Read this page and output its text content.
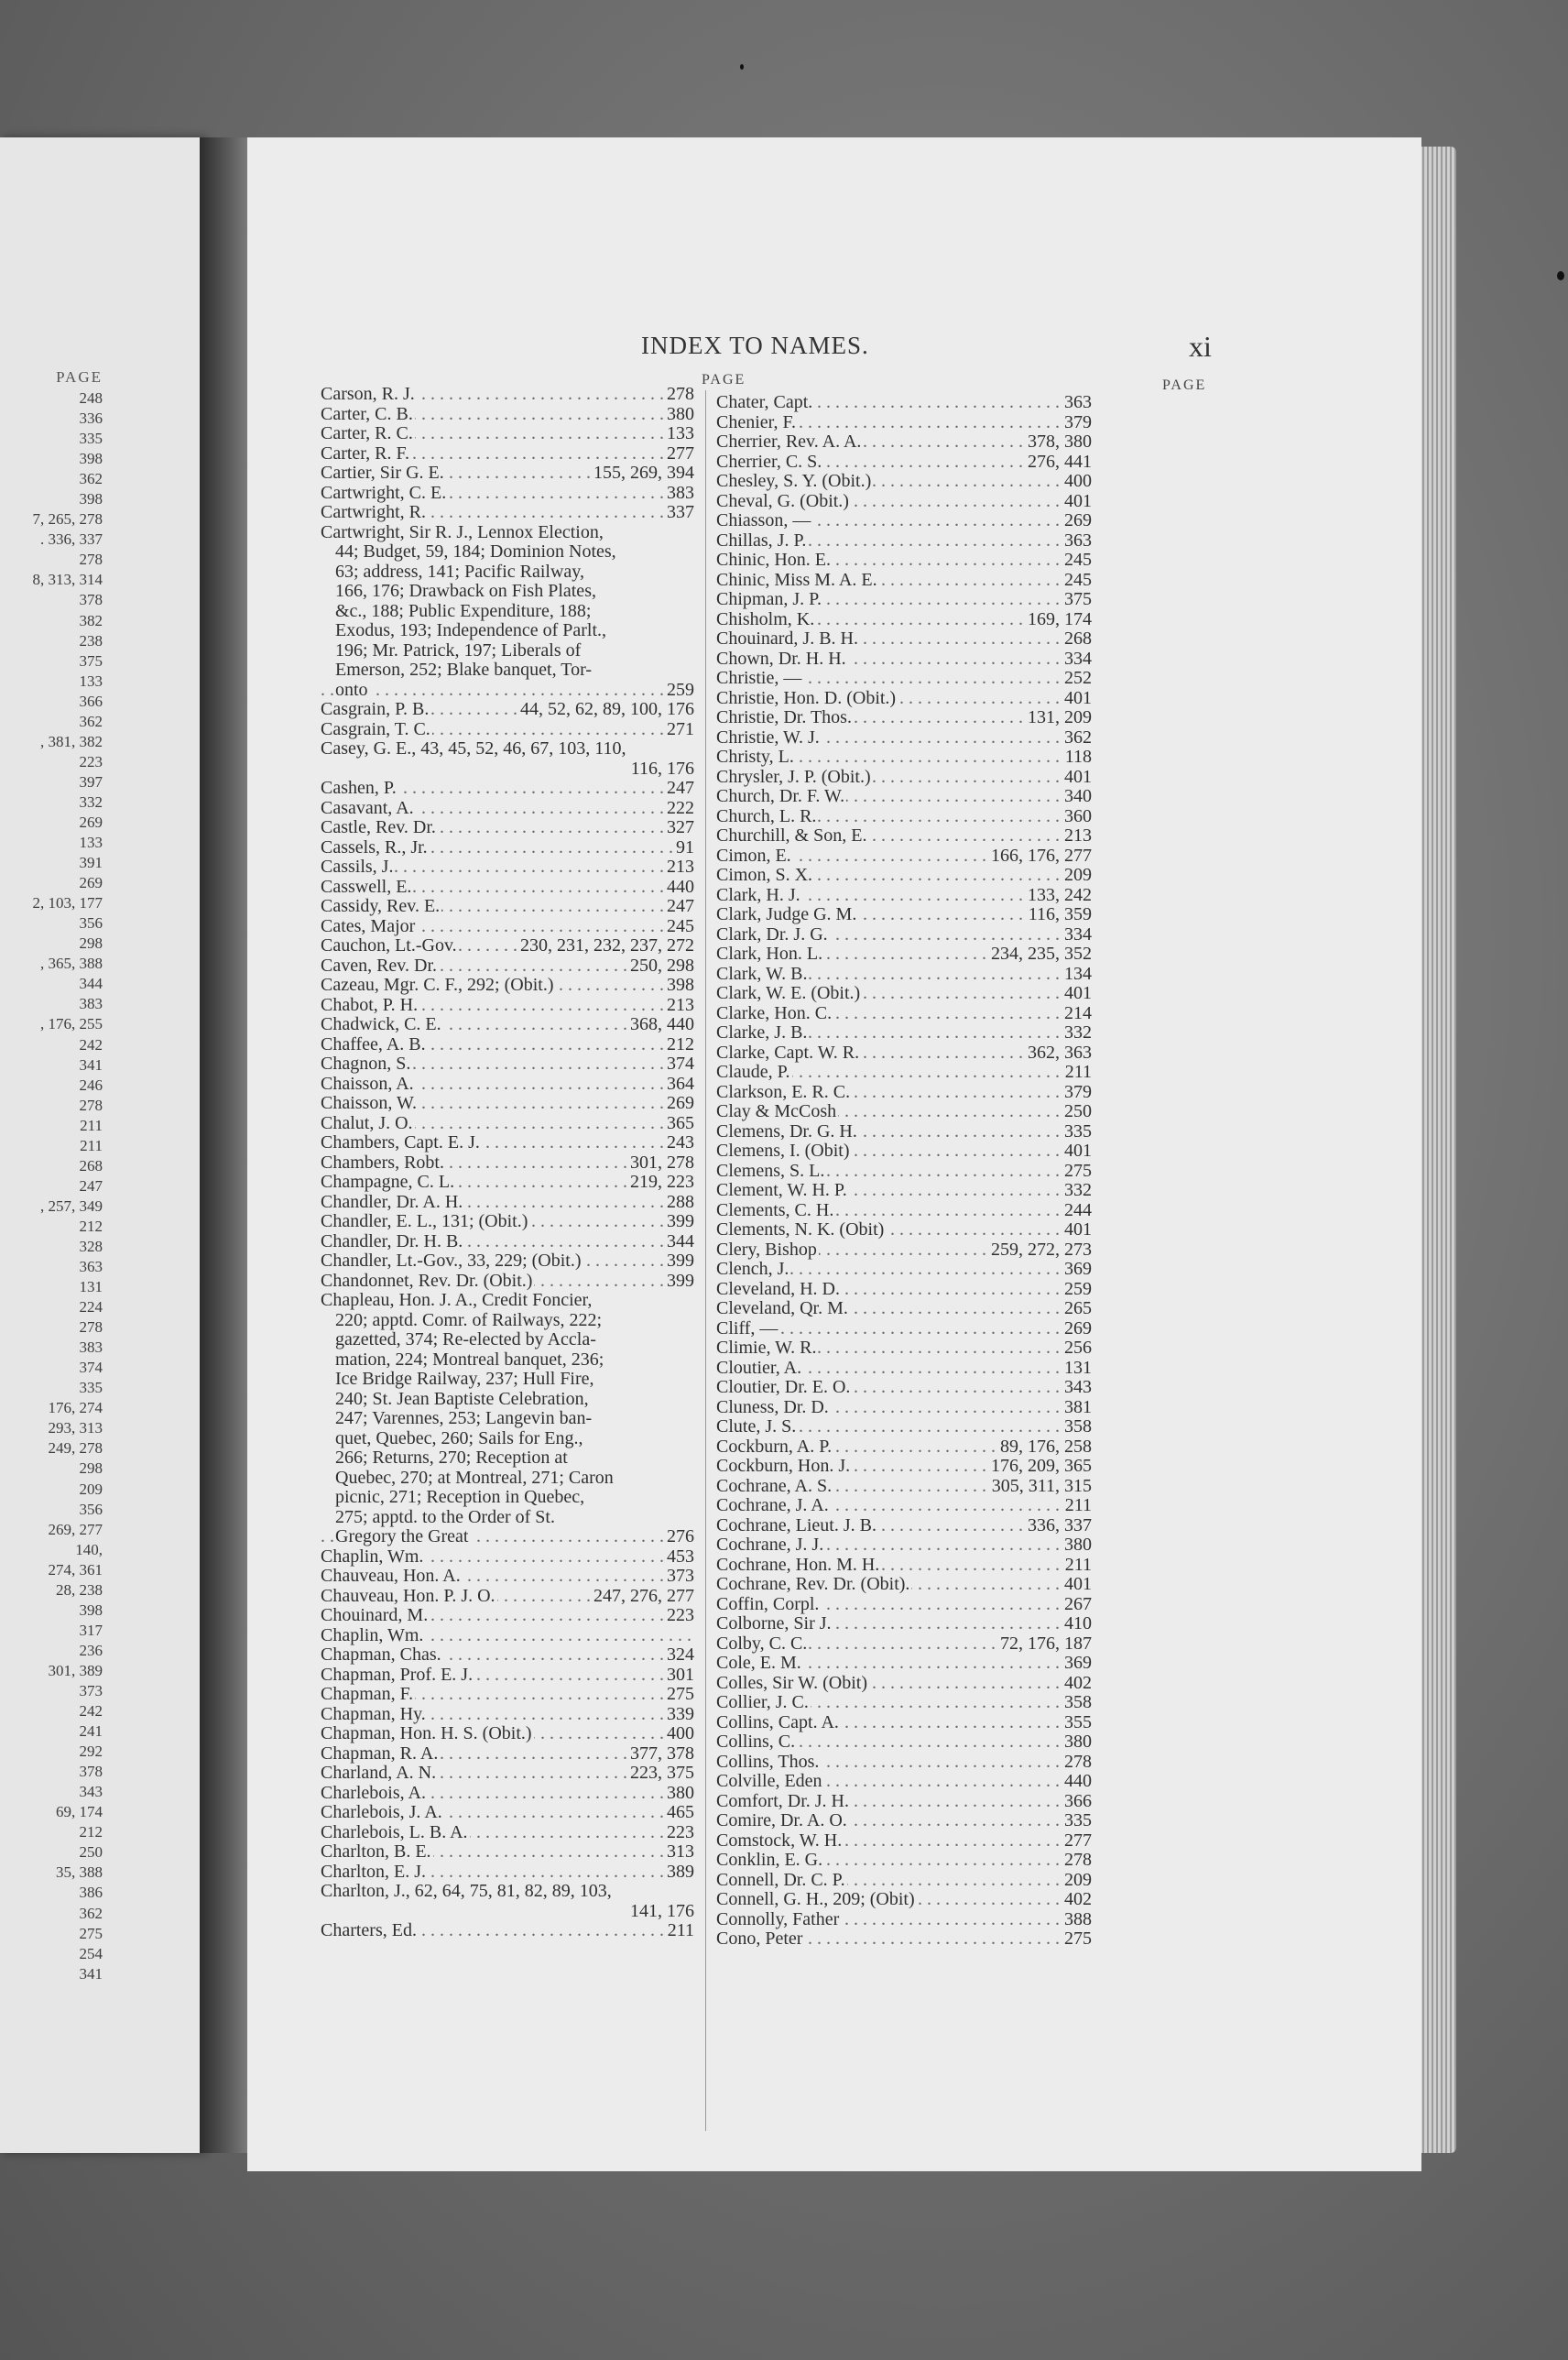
PAGE
248
336
335
398
362
398
7, 265, 278
. 336, 337
278
8, 313, 314
378
382
238
375
133
366
362
, 381, 382
223
397
332
269
133
391
269
2, 103, 177
356
298
, 365, 388
344
383
, 176, 255
242
341
246
278
211
211
268
247
, 257, 349
212
328
363
131
224
278
383
374
335
176, 274
293, 313
249, 278
298
209
356
269, 277
140,
274, 361
28, 238
398
317
236
301, 389
373
242
241
292
378
343
69, 174
212
250
35, 388
386
362
275
254
341
INDEX TO NAMES.	xi
PAGE
. . . Carson, R. J.	278
. . . Carter, C. B.	380
. . . Carter, R. C.	133
. . . Carter, R. F.	277
. . . Cartier, Sir G. E.	155, 269, 394
. . . Cartwright, C. E.	383
. . . Cartwright, R.	337
Cartwright, Sir R. J., Lennox Election,
44; Budget, 59, 184; Dominion Notes,
63; address, 141; Pacific Railway,
166, 176; Drawback on Fish Plates,
&c., 188; Public Expenditure, 188;
Exodus, 193; Independence of Parlt.,
196; Mr. Patrick, 197; Liberals of
Emerson, 252; Blake banquet, Tor-
. . . onto	259
. . . Casgrain, P. B.	44, 52, 62, 89, 100, 176
. . . Casgrain, T. C.	271
Casey, G. E., 43, 45, 52, 46, 67, 103, 110,
116, 176
. . . Cashen, P.	247
. . . Casavant, A.	222
. . . Castle, Rev. Dr.	327
. . . Cassels, R., Jr.	91
. . . Cassils, J.	213
. . . Casswell, E.	440
. . . Cassidy, Rev. E.	247
. . . Cates, Major	245
. . . Cauchon, Lt.-Gov.	230, 231, 232, 237, 272
. . . Caven, Rev. Dr.	250, 298
. . . Cazeau, Mgr. C. F., 292; (Obit.)	398
. . . Chabot, P. H.	213
. . . Chadwick, C. E.	368, 440
. . . Chaffee, A. B.	212
. . . Chagnon, S.	374
. . . Chaisson, A.	364
. . . Chaisson, W.	269
. . . Chalut, J. O.	365
. . . Chambers, Capt. E. J.	243
. . . Chambers, Robt.	301, 278
. . . Champagne, C. L.	219, 223
. . . Chandler, Dr. A. H.	288
. . . Chandler, E. L., 131; (Obit.)	399
. . . Chandler, Dr. H. B.	344
. . . Chandler, Lt.-Gov., 33, 229; (Obit.)	399
. . . Chandonnet, Rev. Dr. (Obit.)	399
Chapleau, Hon. J. A., Credit Foncier,
220; apptd. Comr. of Railways, 222;
gazetted, 374; Re-elected by Accla-
mation, 224; Montreal banquet, 236;
Ice Bridge Railway, 237; Hull Fire,
240; St. Jean Baptiste Celebration,
247; Varennes, 253; Langevin ban-
quet, Quebec, 260; Sails for Eng.,
266; Returns, 270; Reception at
Quebec, 270; at Montreal, 271; Caron
picnic, 271; Reception in Quebec,
275; apptd. to the Order of St.
. . . Gregory the Great	276
. . . Chaplin, Wm.	453
. . . Chauveau, Hon. A.	373
. . . Chauveau, Hon. P. J. O.	247, 276, 277
. . . Chouinard, M.	223
. . . Chaplin, Wm.
. . . Chapman, Chas.	324
. . . Chapman, Prof. E. J.	301
. . . Chapman, F.	275
. . . Chapman, Hy.	339
. . . Chapman, Hon. H. S. (Obit.)	400
. . . Chapman, R. A.	377, 378
. . . Charland, A. N.	223, 375
. . . Charlebois, A.	380
. . . Charlebois, J. A.	465
. . . Charlebois, L. B. A.	223
. . . Charlton, B. E.	313
. . . Charlton, E. J.	389
Charlton, J., 62, 64, 75, 81, 82, 89, 103,
141, 176
. . . Charters, Ed.	211
PAGE
. . . Chater, Capt.	363
. . . Chenier, F.	379
. . . Cherrier, Rev. A. A.	378, 380
. . . Cherrier, C. S.	276, 441
. . . Chesley, S. Y. (Obit.)	400
. . . Cheval, G. (Obit.)	401
. . . Chiasson, —	269
. . . Chillas, J. P.	363
. . . Chinic, Hon. E.	245
. . . Chinic, Miss M. A. E.	245
. . . Chipman, J. P.	375
. . . Chisholm, K.	169, 174
. . . Chouinard, J. B. H.	268
. . . Chown, Dr. H. H.	334
. . . Christie, —	252
. . . Christie, Hon. D. (Obit.)	401
. . . Christie, Dr. Thos.	131, 209
. . . Christie, W. J.	362
. . . Christy, L.	118
. . . Chrysler, J. P. (Obit.)	401
. . . Church, Dr. F. W.	340
. . . Church, L. R.	360
. . . Churchill, & Son, E.	213
. . . Cimon, E.	166, 176, 277
. . . Cimon, S. X.	209
. . . Clark, H. J.	133, 242
. . . Clark, Judge G. M.	116, 359
. . . Clark, Dr. J. G.	334
. . . Clark, Hon. L.	234, 235, 352
. . . Clark, W. B.	134
. . . Clark, W. E. (Obit.)	401
. . . Clarke, Hon. C.	214
. . . Clarke, J. B.	332
. . . Clarke, Capt. W. R.	362, 363
. . . Claude, P.	211
. . . Clarkson, E. R. C.	379
. . . Clay & McCosh	250
. . . Clemens, Dr. G. H.	335
. . . Clemens, I. (Obit)	401
. . . Clemens, S. L.	275
. . . Clement, W. H. P.	332
. . . Clements, C. H.	244
. . . Clements, N. K. (Obit)	401
. . . Clery, Bishop	259, 272, 273
. . . Clench, J.	369
. . . Cleveland, H. D.	259
. . . Cleveland, Qr. M.	265
. . . Cliff, —	269
. . . Climie, W. R.	256
. . . Cloutier, A.	131
. . . Cloutier, Dr. E. O.	343
. . . Cluness, Dr. D.	381
. . . Clute, J. S.	358
. . . Cockburn, A. P.	89, 176, 258
. . . Cockburn, Hon. J.	176, 209, 365
. . . Cochrane, A. S.	305, 311, 315
. . . Cochrane, J. A.	211
. . . Cochrane, Lieut. J. B.	336, 337
. . . Cochrane, J. J.	380
. . . Cochrane, Hon. M. H.	211
. . . Cochrane, Rev. Dr. (Obit).	401
. . . Coffin, Corpl.	267
. . . Colborne, Sir J.	410
. . . Colby, C. C.	72, 176, 187
. . . Cole, E. M.	369
. . . Colles, Sir W. (Obit)	402
. . . Collier, J. C.	358
. . . Collins, Capt. A.	355
. . . Collins, C.	380
. . . Collins, Thos.	278
. . . Colville, Eden	440
. . . Comfort, Dr. J. H.	366
. . . Comire, Dr. A. O.	335
. . . Comstock, W. H.	277
. . . Conklin, E. G.	278
. . . Connell, Dr. C. P.	209
. . . Connell, G. H., 209; (Obit)	402
. . . Connolly, Father	388
. . . Cono, Peter	275
